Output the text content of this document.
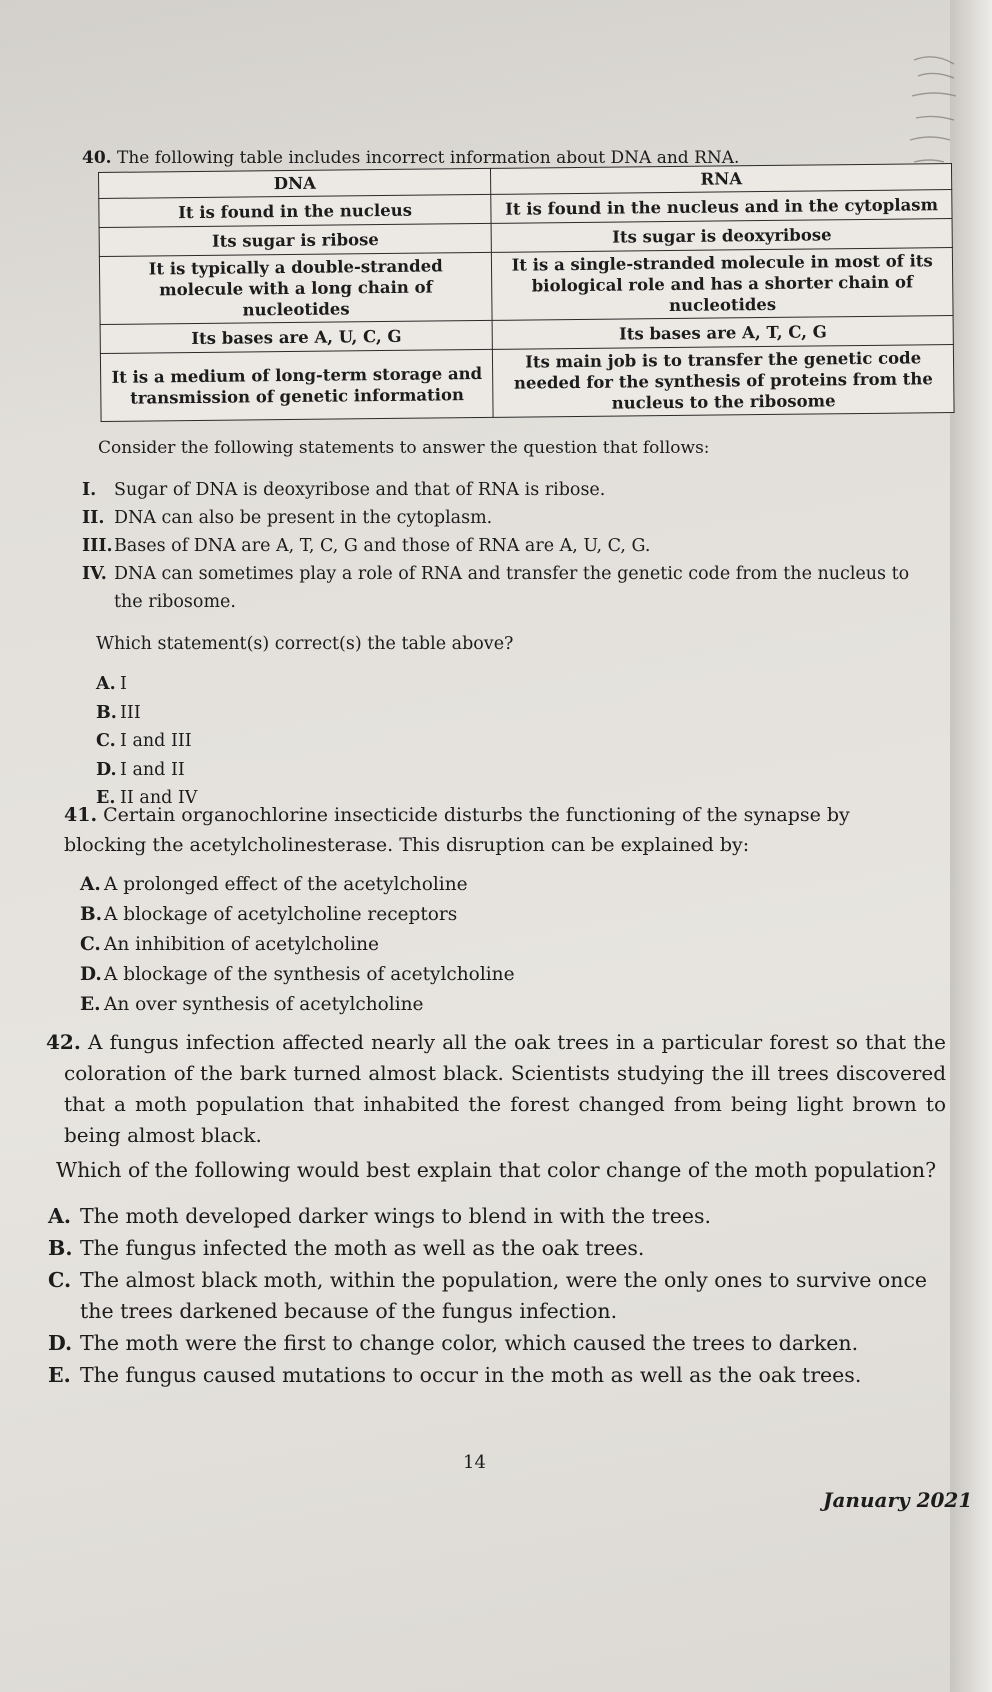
40. The following table includes incorrect information about DNA and RNA.
DNA	RNA
It is found in the nucleus	It is found in the nucleus and in the cytoplasm
Its sugar is ribose	Its sugar is deoxyribose
It is typically a double-stranded molecule with a long chain of nucleotides	It is a single-stranded molecule in most of its biological role and has a shorter chain of nucleotides
Its bases are A, U, C, G	Its bases are A, T, C, G
It is a medium of long-term storage and transmission of genetic information	Its main job is to transfer the genetic code needed for the synthesis of proteins from the nucleus to the ribosome
Consider the following statements to answer the question that follows:
I. Sugar of DNA is deoxyribose and that of RNA is ribose.
II. DNA can also be present in the cytoplasm.
III. Bases of DNA are A, T, C, G and those of RNA are A, U, C, G.
IV. DNA can sometimes play a role of RNA and transfer the genetic code from the nucleus to the ribosome.
Which statement(s) correct(s) the table above?
A. I
B. III
C. I and III
D. I and II
E. II and IV
41. Certain organochlorine insecticide disturbs the functioning of the synapse by blocking the acetylcholinesterase. This disruption can be explained by:
A. A prolonged effect of the acetylcholine
B. A blockage of acetylcholine receptors
C. An inhibition of acetylcholine
D. A blockage of the synthesis of acetylcholine
E. An over synthesis of acetylcholine
42. A fungus infection affected nearly all the oak trees in a particular forest so that the coloration of the bark turned almost black. Scientists studying the ill trees discovered that a moth population that inhabited the forest changed from being light brown to being almost black.
Which of the following would best explain that color change of the moth population?
A. The moth developed darker wings to blend in with the trees.
B. The fungus infected the moth as well as the oak trees.
C. The almost black moth, within the population, were the only ones to survive once the trees darkened because of the fungus infection.
D. The moth were the first to change color, which caused the trees to darken.
E. The fungus caused mutations to occur in the moth as well as the oak trees.
14
January 2021
